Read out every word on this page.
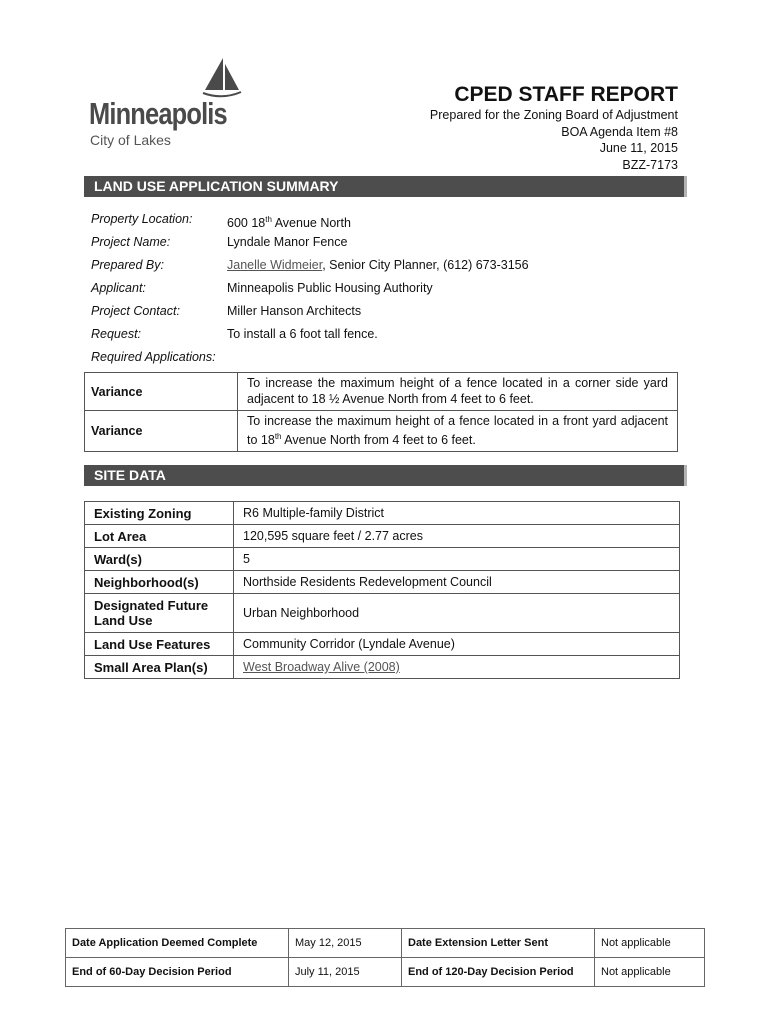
Minneapolis
City of Lakes
CPED STAFF REPORT
Prepared for the Zoning Board of Adjustment
BOA Agenda Item #8
June 11, 2015
BZZ-7173
LAND USE APPLICATION SUMMARY
Property Location:	600 18th Avenue North
Project Name:	Lyndale Manor Fence
Prepared By:	Janelle Widmeier, Senior City Planner, (612) 673-3156
Applicant:	Minneapolis Public Housing Authority
Project Contact:	Miller Hanson Architects
Request:	To install a 6 foot tall fence.
Required Applications:
Variance	To increase the maximum height of a fence located in a corner side yard adjacent to 18 ½ Avenue North from 4 feet to 6 feet.
Variance	To increase the maximum height of a fence located in a front yard adjacent to 18th Avenue North from 4 feet to 6 feet.
SITE DATA
Existing Zoning	R6 Multiple-family District
Lot Area	120,595 square feet / 2.77 acres
Ward(s)	5
Neighborhood(s)	Northside Residents Redevelopment Council
Designated Future Land Use	Urban Neighborhood
Land Use Features	Community Corridor (Lyndale Avenue)
Small Area Plan(s)	West Broadway Alive (2008)
Date Application Deemed Complete	May 12, 2015	Date Extension Letter Sent	Not applicable
End of 60-Day Decision Period	July 11, 2015	End of 120-Day Decision Period	Not applicable
